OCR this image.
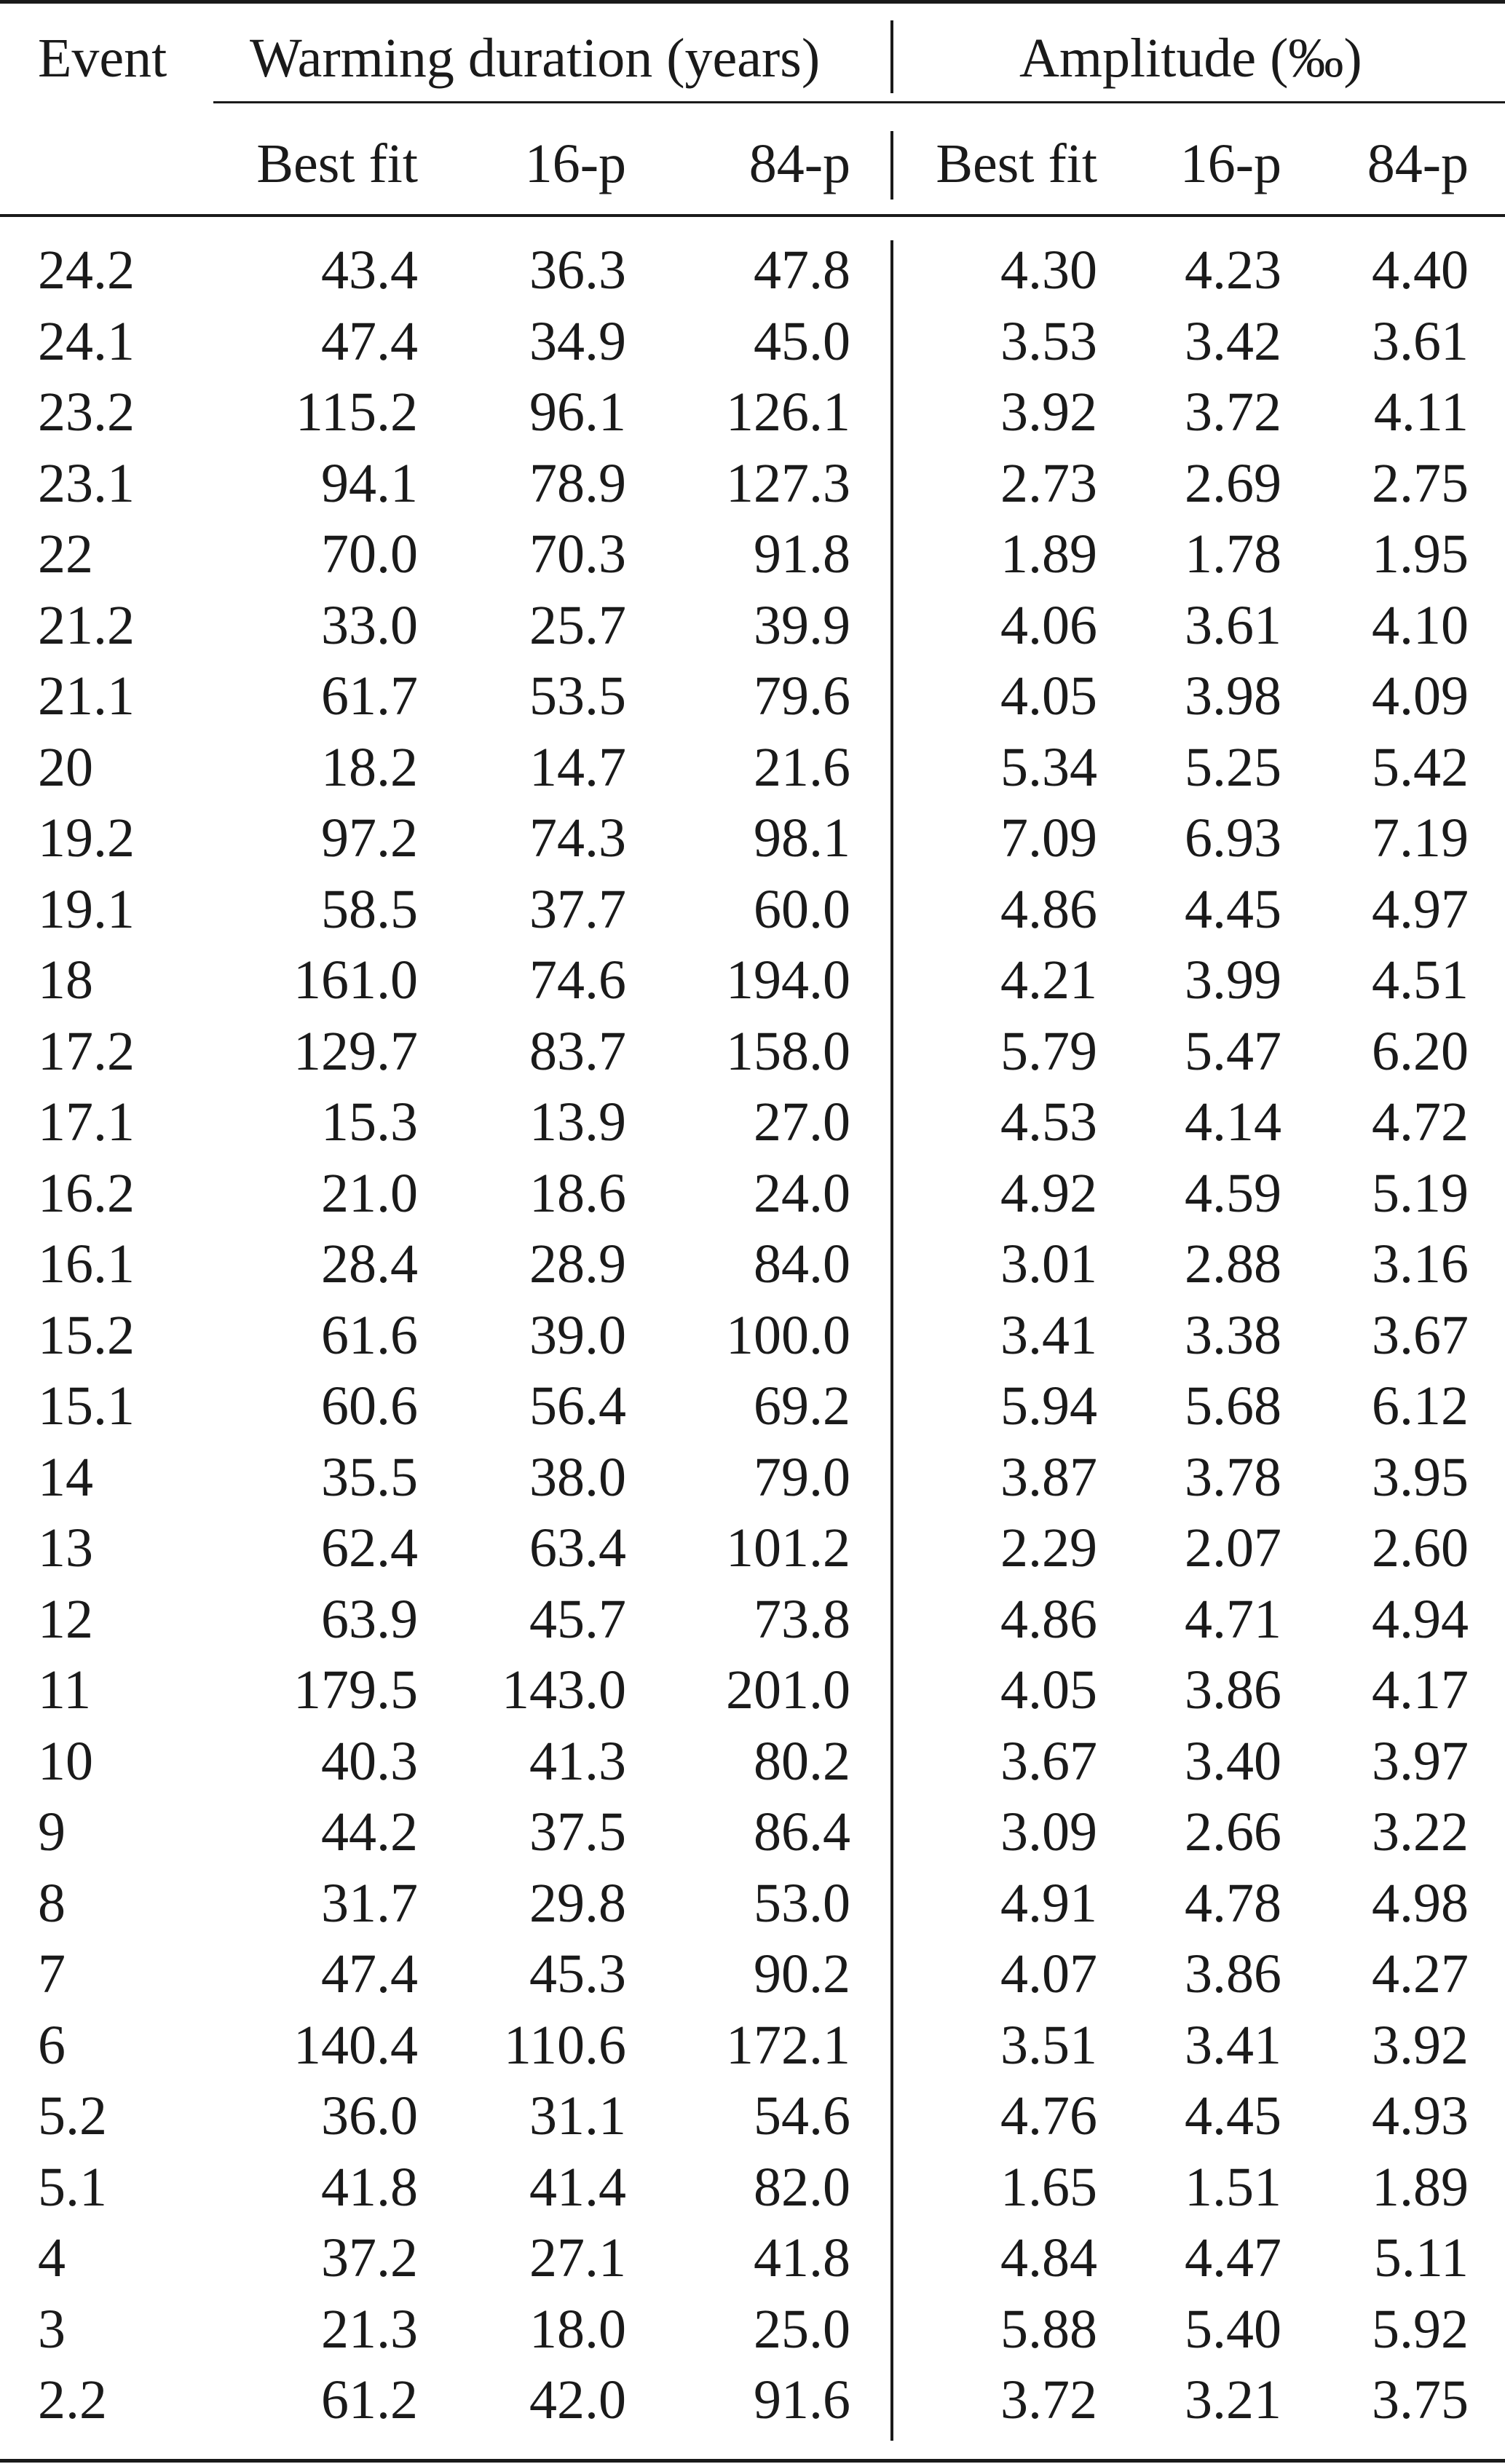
Event Warming duration (years)	Amplitude (‰)
Best fit 16-p 84-p Best fit 16-p 84-p
24.2	43.4 36.3 47.8	4.30 4.23 4.40
24.1	47.4 34.9 45.0	3.53 3.42 3.61
23.2	115.2 96.1 126.1	3.92 3.72 4.11
23.1	94.1 78.9 127.3	2.73 2.69 2.75
22	70.0 70.3 91.8	1.89 1.78 1.95
21.2	33.0 25.7 39.9	4.06 3.61 4.10
21.1	61.7 53.5 79.6	4.05 3.98 4.09
20	18.2 14.7 21.6	5.34 5.25 5.42
19.2	97.2 74.3 98.1	7.09 6.93 7.19
19.1	58.5 37.7 60.0	4.86 4.45 4.97
18	161.0 74.6 194.0	4.21 3.99 4.51
17.2	129.7 83.7 158.0	5.79 5.47 6.20
17.1	15.3 13.9 27.0	4.53 4.14 4.72
16.2	21.0 18.6 24.0	4.92 4.59 5.19
16.1	28.4 28.9 84.0	3.01 2.88 3.16
15.2	61.6 39.0 100.0	3.41 3.38 3.67
15.1	60.6 56.4 69.2	5.94 5.68 6.12
14	35.5 38.0 79.0	3.87 3.78 3.95
13	62.4 63.4 101.2	2.29 2.07 2.60
12	63.9 45.7 73.8	4.86 4.71 4.94
11	179.5 143.0 201.0	4.05 3.86 4.17
10	40.3 41.3 80.2	3.67 3.40 3.97
9	44.2 37.5 86.4	3.09 2.66 3.22
8	31.7 29.8 53.0	4.91 4.78 4.98
7	47.4 45.3 90.2	4.07 3.86 4.27
6	140.4 110.6 172.1	3.51 3.41 3.92
5.2	36.0 31.1 54.6	4.76 4.45 4.93
5.1	41.8 41.4 82.0	1.65 1.51 1.89
4	37.2 27.1 41.8	4.84 4.47 5.11
3	21.3 18.0 25.0	5.88 5.40 5.92
2.2	61.2 42.0 91.6	3.72 3.21 3.75
